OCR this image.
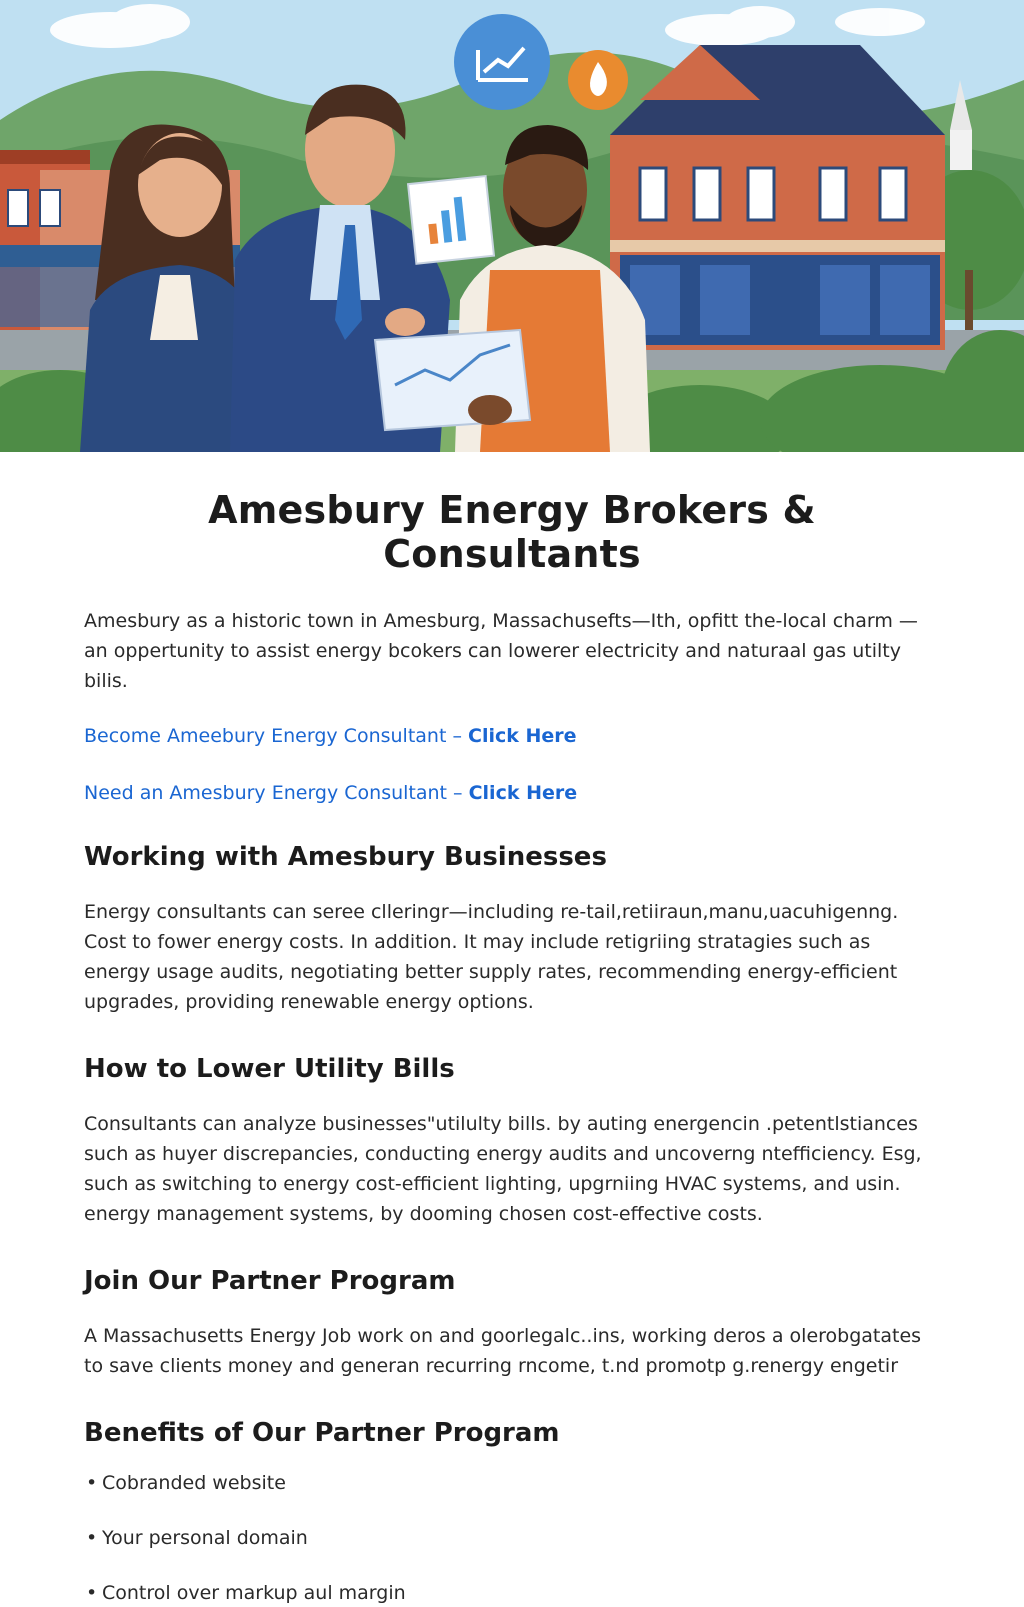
Amesbury Energy Brokers & Consultants

Amesbury as a historic town in Amesburg, Massachusefts—Ith, opfitt the-local charm — an oppertunity to assist energy bcokers can lowerer electricity and naturaal gas utilty bilis.

Become Ameebury Energy Consultant – Click Here
Need an Amesbury Energy Consultant – Click Here
Working with Amesbury Businesses

Energy consultants can seree clleringr—including re-tail,retiiraun,manu,uacuhigenng. Cost to fower energy costs. In addition. It may include retigriing stratagies such as energy usage audits, negotiating better supply rates, recommending energy-efficient upgrades, providing renewable energy options.

How to Lower Utility Bills

Consultants can analyze businesses"utilulty bills. by auting energencin .petentlstiances such as huyer discrepancies, conducting energy audits and uncoverng ntefficiency. Esg, such as switching to energy cost-efficient lighting, upgrniing HVAC systems, and usin. energy management systems, by dooming chosen cost-effective costs.

Join Our Partner Program

A Massachusetts Energy Job work on and goorlegalc..ins, working deros a olerobgatates to save clients money and generan recurring rncome, t.nd promotp g.renergy engetir

Benefits of Our Partner Program
• Cobranded website
• Your personal domain
• Control over markup aul margin
